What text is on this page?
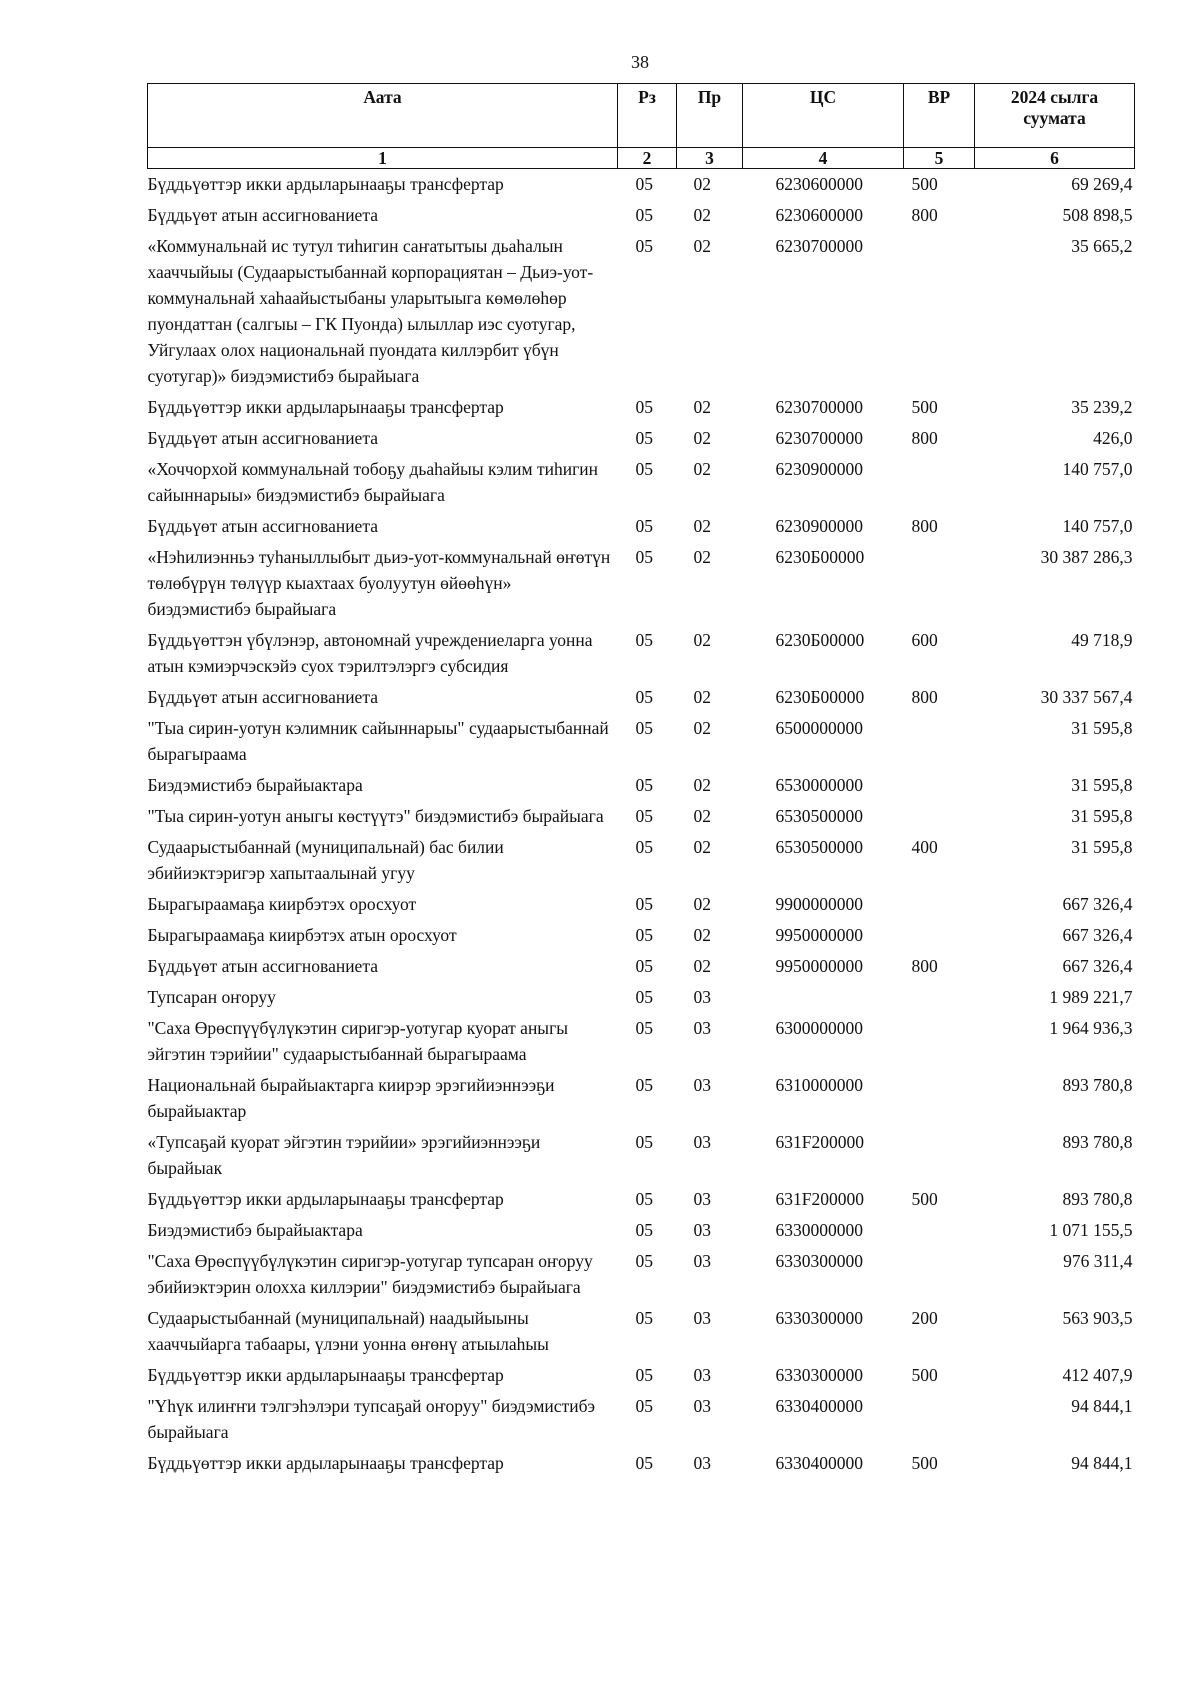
38
Аата	Рз	Пр	ЦС	ВР	2024 сылга суумата
1	2	3	4	5	6
Бүддьүөттэр икки ардыларынааҕы трансфертар	05	02	6230600000	500	69 269,4
Бүддьүөт атын ассигнованиета	05	02	6230600000	800	508 898,5
«Коммунальнай ис тутул тиһигин саҥатытыы дьаһалын хааччыйыы (Судаарыстыбаннай корпорациятан – Дьиэ-уот-коммунальнай хаһаайыстыбаны уларытыыга көмөлөһөр пуондаттан (салгыы – ГК Пуонда) ылыллар иэс суотугар, Уйгулаах олох национальнай пуондата киллэрбит үбүн суотугар)» биэдэмистибэ бырайыага	05	02	6230700000		35 665,2
Бүддьүөттэр икки ардыларынааҕы трансфертар	05	02	6230700000	500	35 239,2
Бүддьүөт атын ассигнованиета	05	02	6230700000	800	426,0
«Хоччорхой коммунальнай тобоҕу дьаһайыы кэлим тиһигин сайыннарыы» биэдэмистибэ бырайыага	05	02	6230900000		140 757,0
Бүддьүөт атын ассигнованиета	05	02	6230900000	800	140 757,0
«Нэһилиэнньэ туһаныллыбыт дьиэ-уот-коммунальнай өҥөтүн төлөбүрүн төлүүр кыахтаах буолуутун өйөөһүн» биэдэмистибэ бырайыага	05	02	6230Б00000		30 387 286,3
Бүддьүөттэн үбүлэнэр, автономнай учреждениеларга уонна атын кэмиэрчэскэйэ суох тэрилтэлэргэ субсидия	05	02	6230Б00000	600	49 718,9
Бүддьүөт атын ассигнованиета	05	02	6230Б00000	800	30 337 567,4
"Тыа сирин-уотун кэлимник сайыннарыы" судаарыстыбаннай бырагыраама	05	02	6500000000		31 595,8
Биэдэмистибэ бырайыактара	05	02	6530000000		31 595,8
"Тыа сирин-уотун аныгы көстүүтэ" биэдэмистибэ бырайыага	05	02	6530500000		31 595,8
Судаарыстыбаннай (муниципальнай) бас билии эбийиэктэригэр хапытаалынай угуу	05	02	6530500000	400	31 595,8
Бырагыраамаҕа киирбэтэх оросхуот	05	02	9900000000		667 326,4
Бырагыраамаҕа киирбэтэх атын оросхуот	05	02	9950000000		667 326,4
Бүддьүөт атын ассигнованиета	05	02	9950000000	800	667 326,4
Тупсаран оҥоруу	05	03			1 989 221,7
"Саха Өрөспүүбүлүкэтин сиригэр-уотугар куорат аныгы эйгэтин тэрийии" судаарыстыбаннай бырагыраама	05	03	6300000000		1 964 936,3
Национальнай бырайыактарга киирэр эрэгийиэннээҕи бырайыактар	05	03	6310000000		893 780,8
«Тупсаҕай куорат эйгэтин тэрийии» эрэгийиэннээҕи бырайыак	05	03	631F200000		893 780,8
Бүддьүөттэр икки ардыларынааҕы трансфертар	05	03	631F200000	500	893 780,8
Биэдэмистибэ бырайыактара	05	03	6330000000		1 071 155,5
"Саха Өрөспүүбүлүкэтин сиригэр-уотугар тупсаран оҥоруу эбийиэктэрин олохха киллэрии" биэдэмистибэ бырайыага	05	03	6330300000		976 311,4
Судаарыстыбаннай (муниципальнай) наадыйыыны хааччыйарга табаары, үлэни уонна өҥөнү атыылаһыы	05	03	6330300000	200	563 903,5
Бүддьүөттэр икки ардыларынааҕы трансфертар	05	03	6330300000	500	412 407,9
"Үһүк илиҥҥи тэлгэһэлэри тупсаҕай оҥоруу" биэдэмистибэ бырайыага	05	03	6330400000		94 844,1
Бүддьүөттэр икки ардыларынааҕы трансфертар	05	03	6330400000	500	94 844,1
